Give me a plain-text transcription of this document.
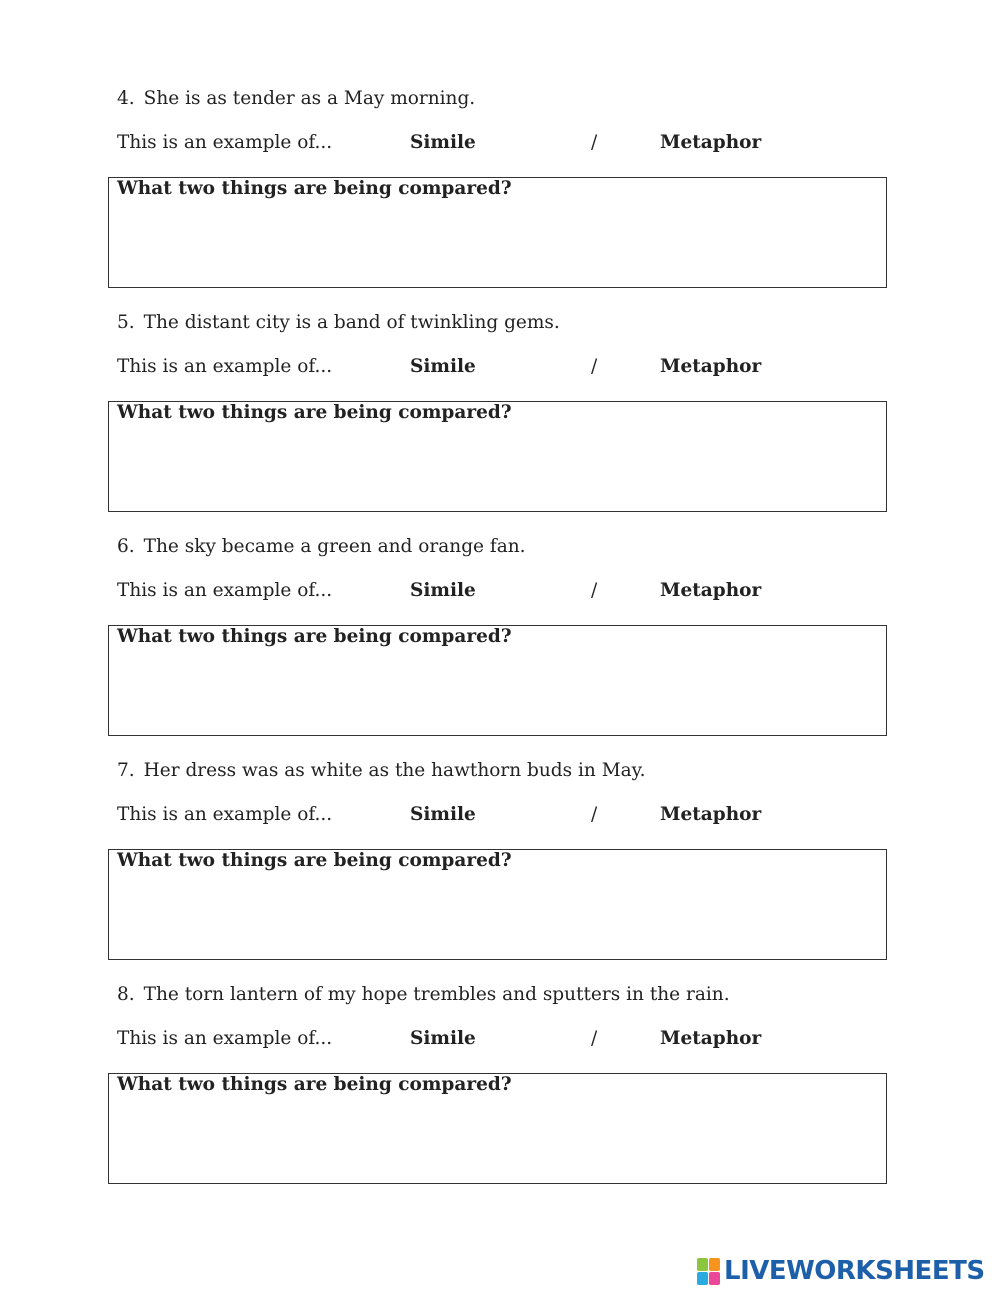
4. She is as tender as a May morning.
This is an example of...	Simile	/	Metaphor
What two things are being compared?
5. The distant city is a band of twinkling gems.
This is an example of...	Simile	/	Metaphor
What two things are being compared?
6. The sky became a green and orange fan.
This is an example of...	Simile	/	Metaphor
What two things are being compared?
7. Her dress was as white as the hawthorn buds in May.
This is an example of...	Simile	/	Metaphor
What two things are being compared?
8. The torn lantern of my hope trembles and sputters in the rain.
This is an example of...	Simile	/	Metaphor
What two things are being compared?
LIVEWORKSHEETS
